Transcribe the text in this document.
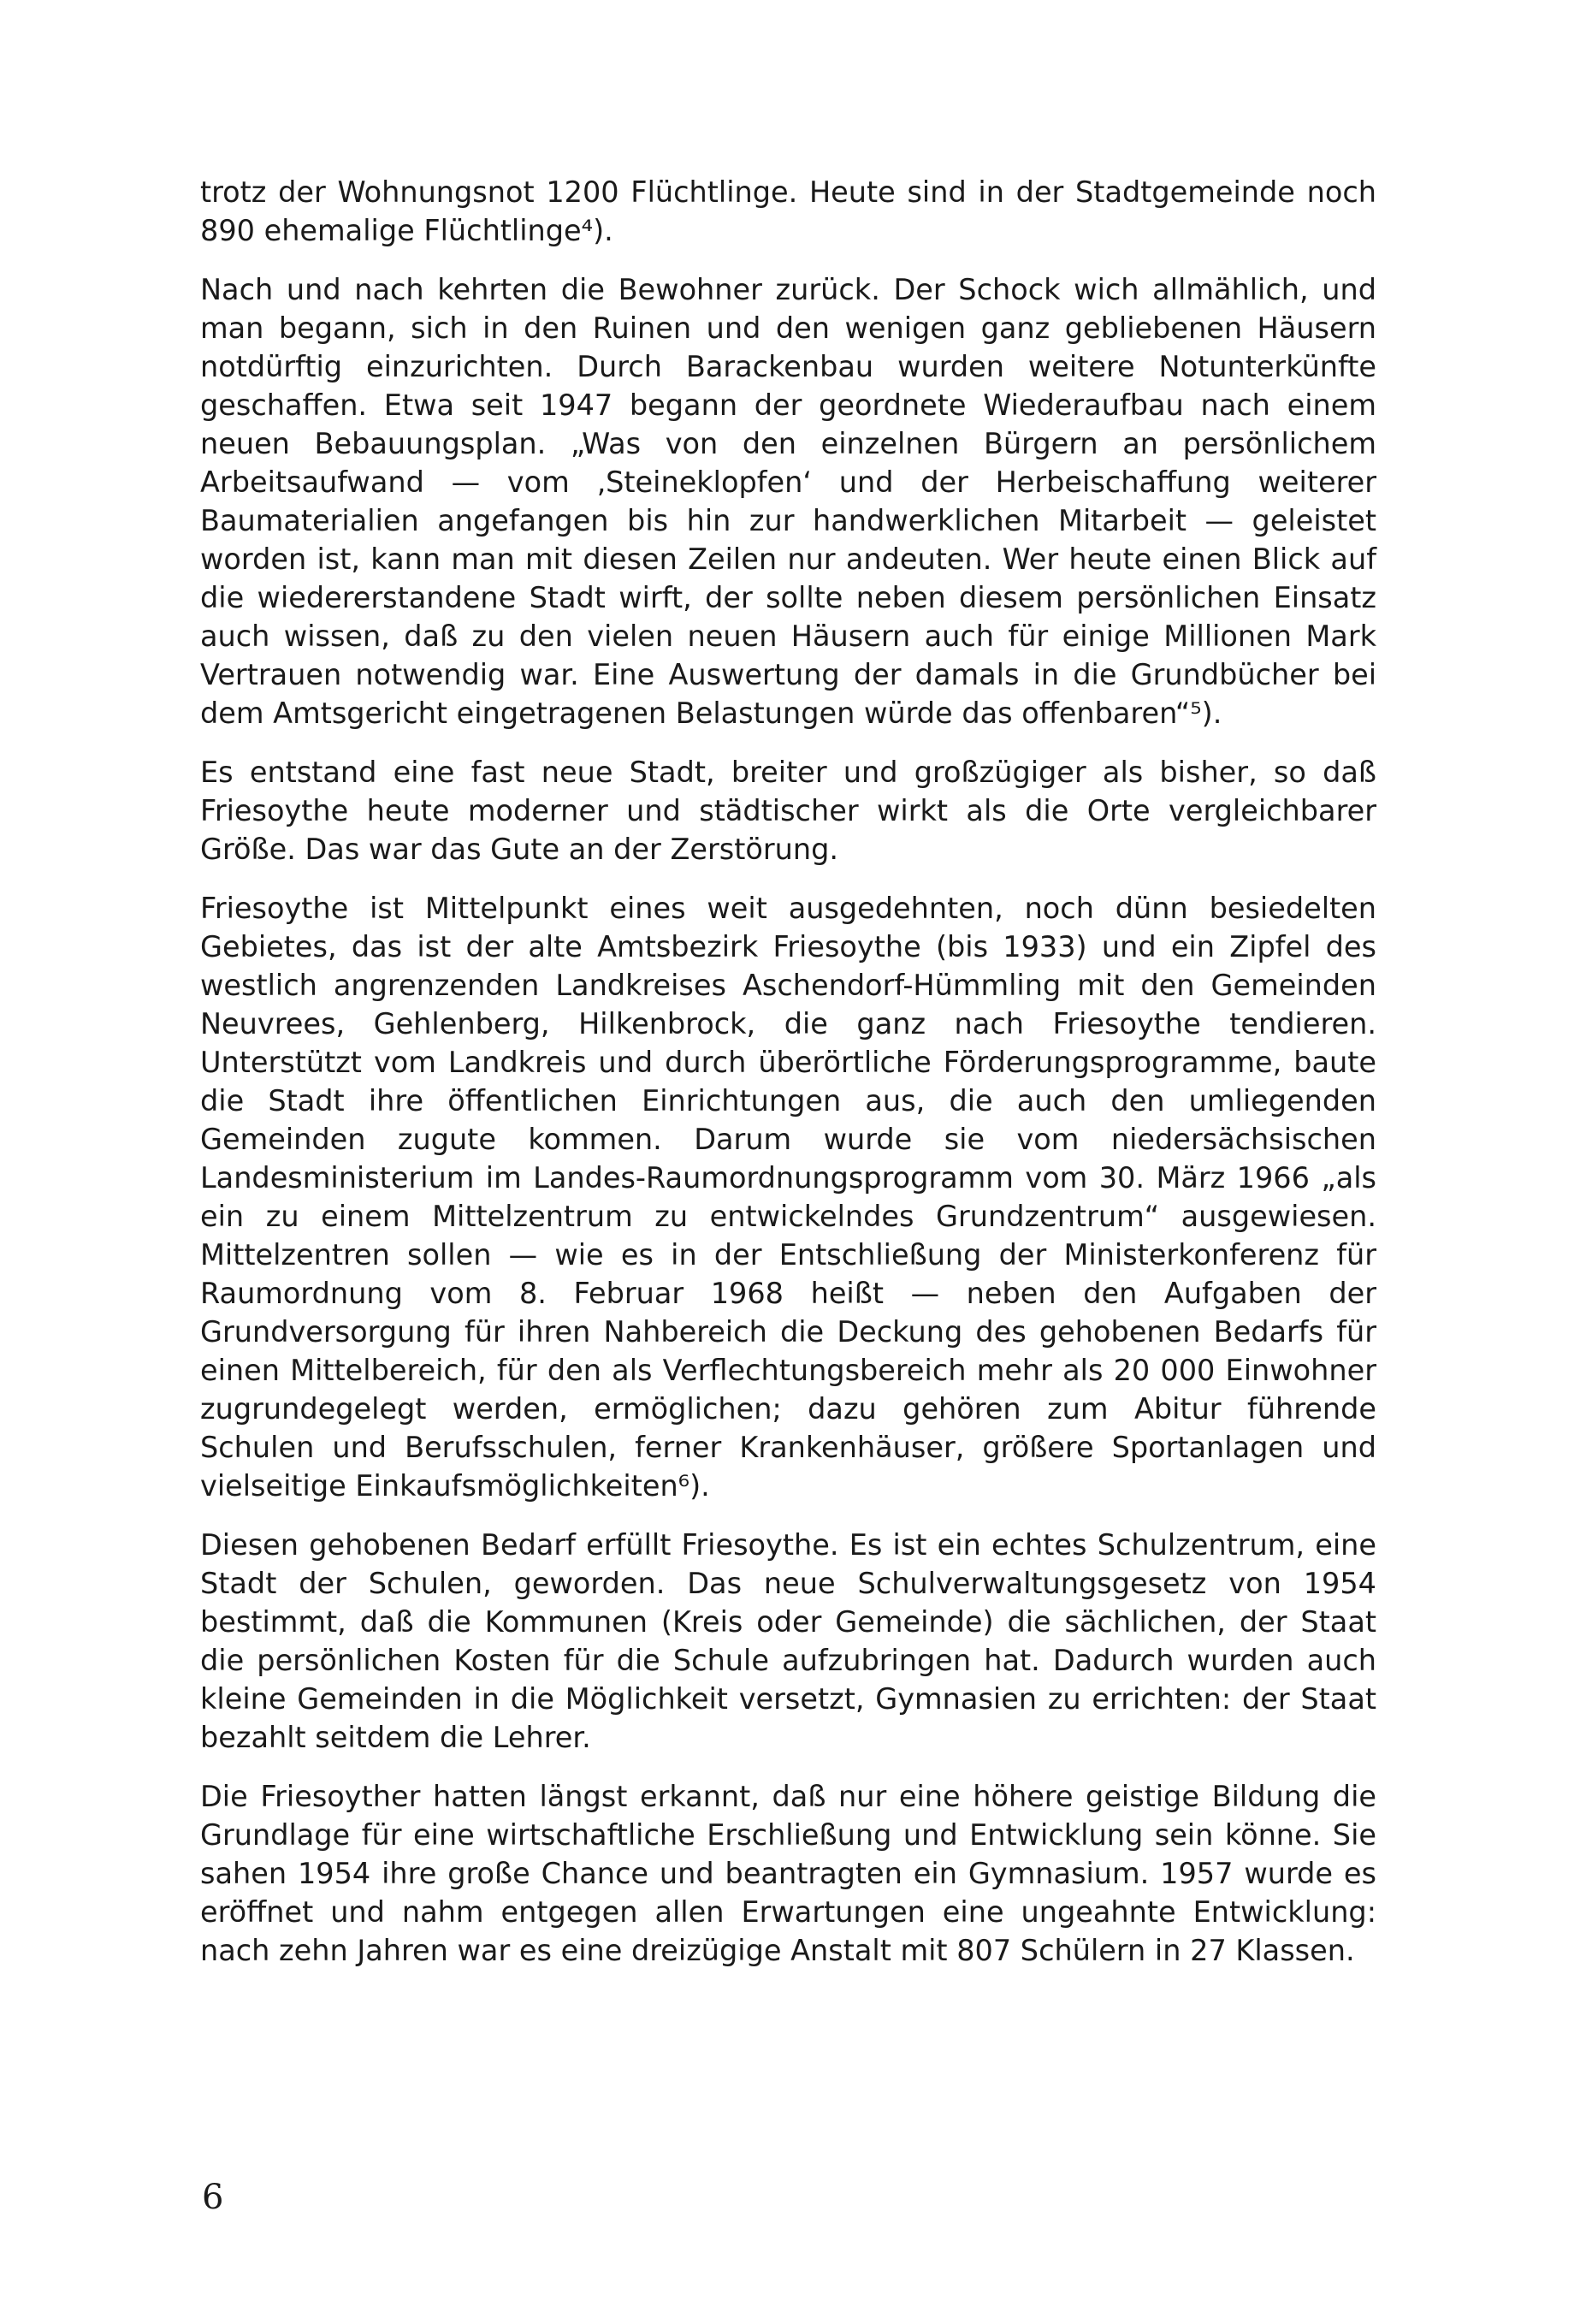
trotz der Wohnungsnot 1200 Flüchtlinge. Heute sind in der Stadtgemeinde noch 890 ehemalige Flüchtlinge⁴).

Nach und nach kehrten die Bewohner zurück. Der Schock wich allmählich, und man begann, sich in den Ruinen und den wenigen ganz gebliebenen Häusern notdürftig einzurichten. Durch Barackenbau wurden weitere Notunterkünfte geschaffen. Etwa seit 1947 begann der geordnete Wiederaufbau nach einem neuen Bebauungsplan. „Was von den einzelnen Bürgern an persönlichem Arbeitsaufwand — vom ‚Steineklopfen‘ und der Herbeischaffung weiterer Baumaterialien angefangen bis hin zur handwerklichen Mitarbeit — geleistet worden ist, kann man mit diesen Zeilen nur andeuten. Wer heute einen Blick auf die wiedererstandene Stadt wirft, der sollte neben diesem persönlichen Einsatz auch wissen, daß zu den vielen neuen Häusern auch für einige Millionen Mark Vertrauen notwendig war. Eine Auswertung der damals in die Grundbücher bei dem Amtsgericht eingetragenen Belastungen würde das offenbaren“⁵).

Es entstand eine fast neue Stadt, breiter und großzügiger als bisher, so daß Friesoythe heute moderner und städtischer wirkt als die Orte vergleichbarer Größe. Das war das Gute an der Zerstörung.

Friesoythe ist Mittelpunkt eines weit ausgedehnten, noch dünn besiedelten Gebietes, das ist der alte Amtsbezirk Friesoythe (bis 1933) und ein Zipfel des westlich angrenzenden Landkreises Aschendorf-Hümmling mit den Gemeinden Neuvrees, Gehlenberg, Hilkenbrock, die ganz nach Friesoythe tendieren. Unterstützt vom Landkreis und durch überörtliche Förderungsprogramme, baute die Stadt ihre öffentlichen Einrichtungen aus, die auch den umliegenden Gemeinden zugute kommen. Darum wurde sie vom niedersächsischen Landesministerium im Landes-Raumordnungsprogramm vom 30. März 1966 „als ein zu einem Mittelzentrum zu entwickelndes Grundzentrum“ ausgewiesen. Mittelzentren sollen — wie es in der Entschließung der Ministerkonferenz für Raumordnung vom 8. Februar 1968 heißt — neben den Aufgaben der Grundversorgung für ihren Nahbereich die Deckung des gehobenen Bedarfs für einen Mittelbereich, für den als Verflechtungsbereich mehr als 20 000 Einwohner zugrundegelegt werden, ermöglichen; dazu gehören zum Abitur führende Schulen und Berufsschulen, ferner Krankenhäuser, größere Sportanlagen und vielseitige Einkaufsmöglichkeiten⁶).

Diesen gehobenen Bedarf erfüllt Friesoythe. Es ist ein echtes Schulzentrum, eine Stadt der Schulen, geworden. Das neue Schulverwaltungsgesetz von 1954 bestimmt, daß die Kommunen (Kreis oder Gemeinde) die sächlichen, der Staat die persönlichen Kosten für die Schule aufzubringen hat. Dadurch wurden auch kleine Gemeinden in die Möglichkeit versetzt, Gymnasien zu errichten: der Staat bezahlt seitdem die Lehrer.

Die Friesoyther hatten längst erkannt, daß nur eine höhere geistige Bildung die Grundlage für eine wirtschaftliche Erschließung und Entwicklung sein könne. Sie sahen 1954 ihre große Chance und beantragten ein Gymnasium. 1957 wurde es eröffnet und nahm entgegen allen Erwartungen eine ungeahnte Entwicklung: nach zehn Jahren war es eine dreizügige Anstalt mit 807 Schülern in 27 Klassen.

6
